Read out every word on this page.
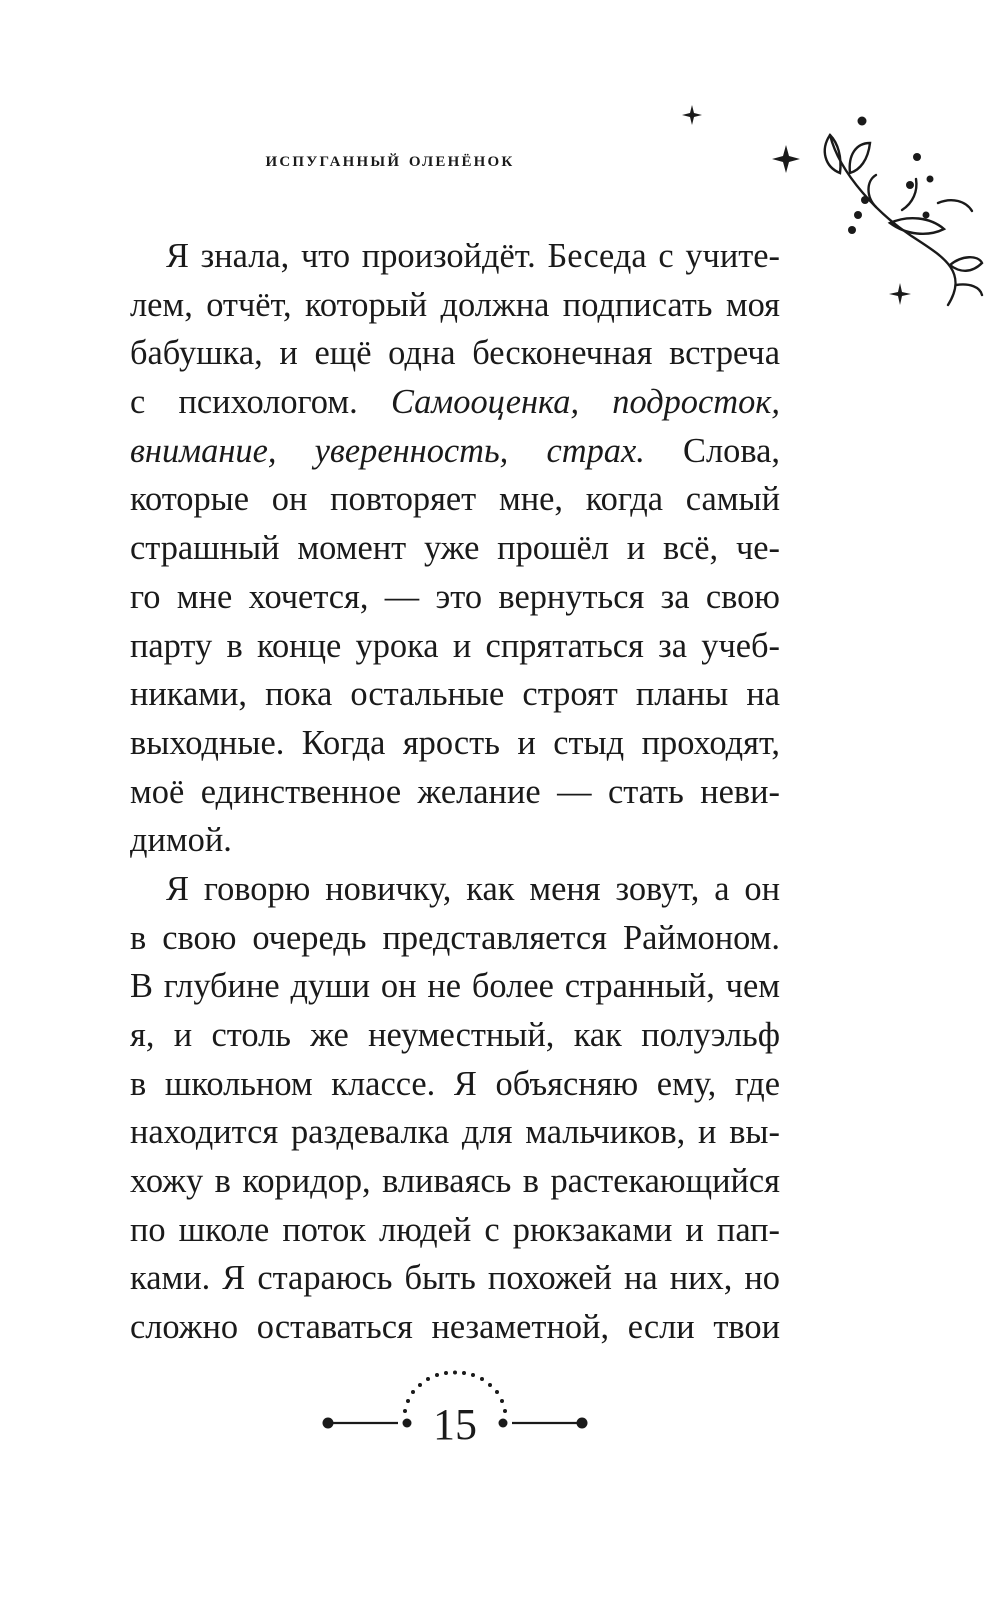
испуганный оленёнок
Я знала, что произойдёт. Беседа с учите-
лем, отчёт, который должна подписать моя
бабушка, и ещё одна бесконечная встреча
с психологом. Самооценка, подросток,
внимание, уверенность, страх. Слова,
которые он повторяет мне, когда самый
страшный момент уже прошёл и всё, че-
го мне хочется, — это вернуться за свою
парту в конце урока и спрятаться за учеб-
никами, пока остальные строят планы на
выходные. Когда ярость и стыд проходят,
моё единственное желание — стать неви-
димой.
Я говорю новичку, как меня зовут, а он
в свою очередь представляется Раймоном.
В глубине души он не более странный, чем
я, и столь же неуместный, как полуэльф
в школьном классе. Я объясняю ему, где
находится раздевалка для мальчиков, и вы-
хожу в коридор, вливаясь в растекающийся
по школе поток людей с рюкзаками и пап-
ками. Я стараюсь быть похожей на них, но
сложно оставаться незаметной, если твои
15
